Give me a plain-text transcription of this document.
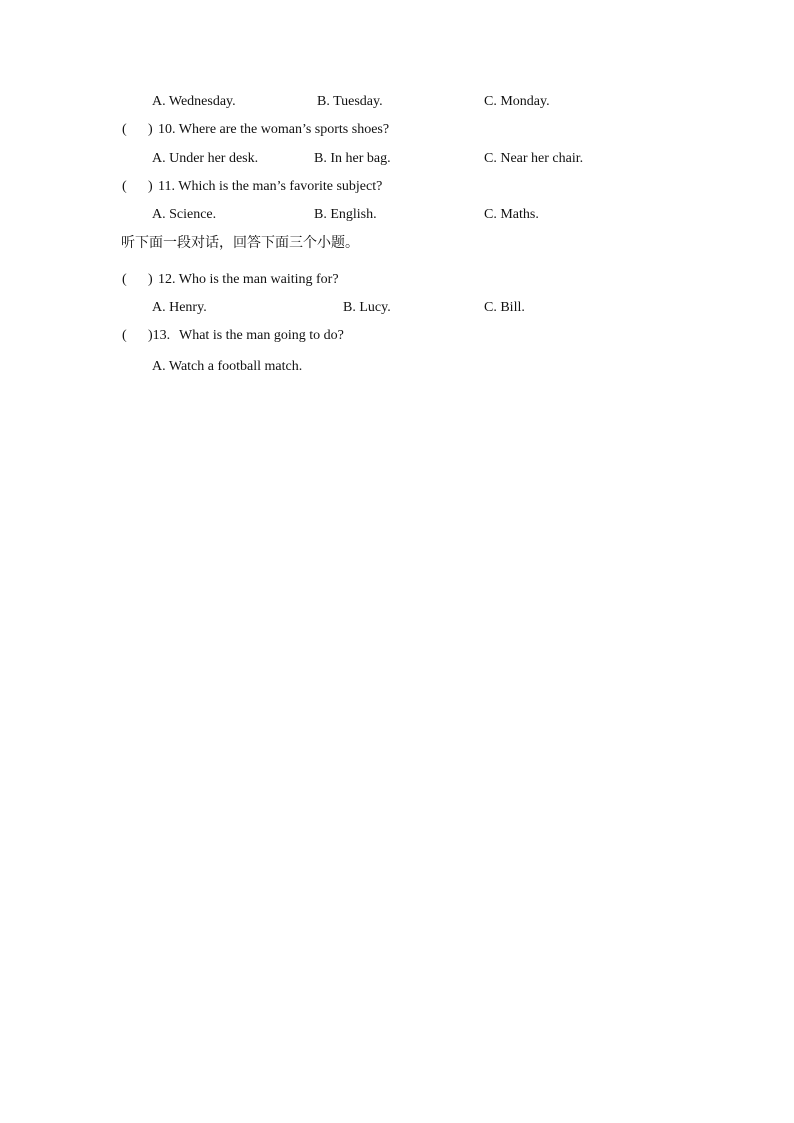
A. Wednesday.	B. Tuesday.	C. Monday.
( ) 10. Where are the woman’s sports shoes?
A. Under her desk.	B. In her bag.	C. Near her chair.
( ) 11. Which is the man’s favorite subject?
A. Science.	B. English.	C. Maths.
听下面一段对话，回答下面三个小题。
( ) 12. Who is the man waiting for?
A. Henry.	B. Lucy.	C. Bill.
( )13. What is the man going to do?
A. Watch a football match.
